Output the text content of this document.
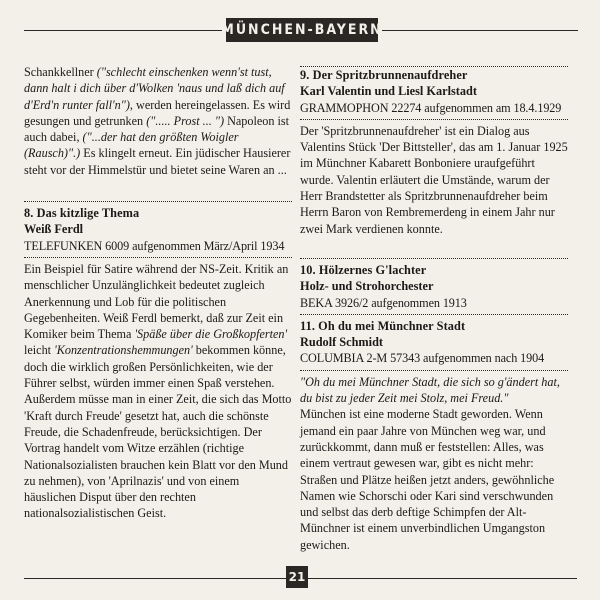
MÜNCHEN-BAYERN

Schankkellner ("schlecht einschenken wenn'st tust, dann halt i dich über d'Wolken 'naus und laß dich auf d'Erd'n runter fall'n"), werden hereingelassen. Es wird gesungen und getrunken ("..... Prost ... ") Napoleon ist auch dabei, ("...der hat den größten Woigler (Rausch)".) Es klingelt erneut. Ein jüdischer Hausierer steht vor der Himmelstür und bietet seine Waren an ...

8. Das kitzlige Thema
Weiß Ferdl
TELEFUNKEN 6009 aufgenommen März/April 1934

Ein Beispiel für Satire während der NS-Zeit. Kritik an menschlicher Unzulänglichkeit bedeutet zugleich Anerkennung und Lob für die politischen Gegebenheiten. Weiß Ferdl bemerkt, daß zur Zeit ein Komiker beim Thema 'Späße über die Großkopferten' leicht 'Konzentrationshemmungen' bekommen könne, doch die wirklich großen Persönlichkeiten, wie der Führer selbst, würden immer einen Spaß verstehen. Außerdem müsse man in einer Zeit, die sich das Motto 'Kraft durch Freude' gesetzt hat, auch die schönste Freude, die Schadenfreude, berücksichtigen. Der Vortrag handelt vom Witze erzählen (richtige Nationalsozialisten brauchen kein Blatt vor den Mund zu nehmen), von 'Aprilnazis' und von einem häuslichen Disput über den rechten nationalsozialistischen Geist.

9. Der Spritzbrunnenaufdreher
Karl Valentin und Liesl Karlstadt
GRAMMOPHON 22274 aufgenommen am 18.4.1929

Der 'Spritzbrunnenaufdreher' ist ein Dialog aus Valentins Stück 'Der Bittsteller', das am 1. Januar 1925 im Münchner Kabarett Bonboniere uraufgeführt wurde. Valentin erläutert die Umstände, warum der Herr Brandstetter als Spritzbrunnenaufdreher beim Herrn Baron von Rembremerdeng in einem Jahr nur zwei Mark verdienen konnte.

10. Hölzernes G'lachter
Holz- und Strohorchester
BEKA 3926/2 aufgenommen 1913
11. Oh du mei Münchner Stadt
Rudolf Schmidt
COLUMBIA 2-M 57343 aufgenommen nach 1904

"Oh du mei Münchner Stadt, die sich so g'ändert hat, du bist zu jeder Zeit mei Stolz, mei Freud."

München ist eine moderne Stadt geworden. Wenn jemand ein paar Jahre von München weg war, und zurückkommt, dann muß er feststellen: Alles, was einem vertraut gewesen war, gibt es nicht mehr: Straßen und Plätze heißen jetzt anders, gewöhnliche Namen wie Schorschi oder Kari sind verschwunden und selbst das derb deftige Schimpfen der Alt-Münchner ist einem unverbindlichen Umgangston gewichen.

21
